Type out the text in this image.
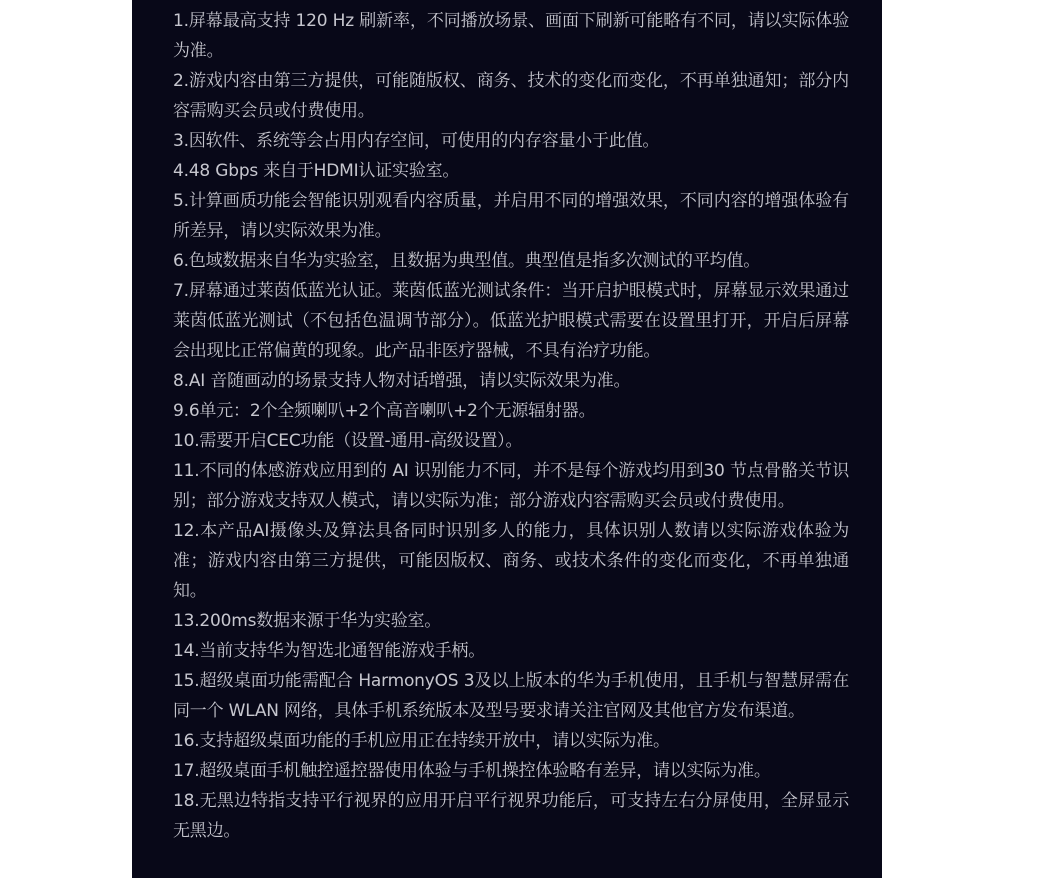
1.屏幕最高支持 120 Hz 刷新率，不同播放场景、画面下刷新可能略有不同，请以实际体验为准。
2.游戏内容由第三方提供，可能随版权、商务、技术的变化而变化，不再单独通知；部分内容需购买会员或付费使用。
3.因软件、系统等会占用内存空间，可使用的内存容量小于此值。
4.48 Gbps 来自于HDMI认证实验室。
5.计算画质功能会智能识别观看内容质量，并启用不同的增强效果，不同内容的增强体验有所差异，请以实际效果为准。
6.色域数据来自华为实验室，且数据为典型值。典型值是指多次测试的平均值。
7.屏幕通过莱茵低蓝光认证。莱茵低蓝光测试条件：当开启护眼模式时，屏幕显示效果通过莱茵低蓝光测试（不包括色温调节部分）。低蓝光护眼模式需要在设置里打开，开启后屏幕会出现比正常偏黄的现象。此产品非医疗器械，不具有治疗功能。
8.AI 音随画动的场景支持人物对话增强，请以实际效果为准。
9.6单元：2个全频喇叭+2个高音喇叭+2个无源辐射器。
10.需要开启CEC功能（设置-通用-高级设置）。
11.不同的体感游戏应用到的 AI 识别能力不同，并不是每个游戏均用到30 节点骨骼关节识别；部分游戏支持双人模式，请以实际为准；部分游戏内容需购买会员或付费使用。
12.本产品AI摄像头及算法具备同时识别多人的能力，具体识别人数请以实际游戏体验为准；游戏内容由第三方提供，可能因版权、商务、或技术条件的变化而变化，不再单独通知。
13.200ms数据来源于华为实验室。
14.当前支持华为智选北通智能游戏手柄。
15.超级桌面功能需配合 HarmonyOS 3及以上版本的华为手机使用，且手机与智慧屏需在同一个 WLAN 网络，具体手机系统版本及型号要求请关注官网及其他官方发布渠道。
16.支持超级桌面功能的手机应用正在持续开放中，请以实际为准。
17.超级桌面手机触控遥控器使用体验与手机操控体验略有差异，请以实际为准。
18.无黑边特指支持平行视界的应用开启平行视界功能后，可支持左右分屏使用，全屏显示无黑边。
